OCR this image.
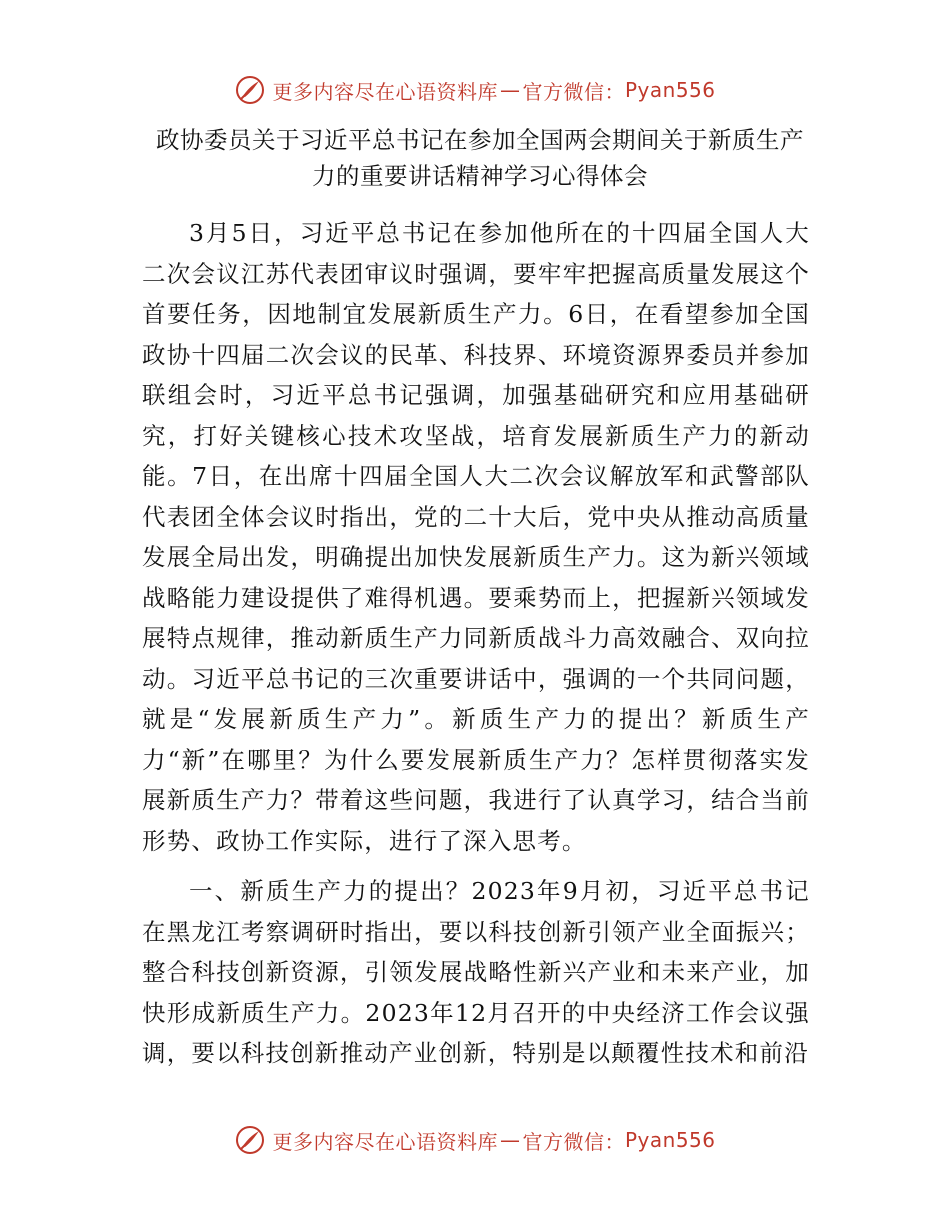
更多内容尽在心语资料库 — 官方微信： Pyan556
政协委员关于习近平总书记在参加全国两会期间关于新质生产
力的重要讲话精神学习心得体会

3月5日，习近平总书记在参加他所在的十四届全国人大二次会议江苏代表团审议时强调，要牢牢把握高质量发展这个首要任务，因地制宜发展新质生产力。6日，在看望参加全国政协十四届二次会议的民革、科技界、环境资源界委员并参加联组会时，习近平总书记强调，加强基础研究和应用基础研究，打好关键核心技术攻坚战，培育发展新质生产力的新动能。7日，在出席十四届全国人大二次会议解放军和武警部队代表团全体会议时指出，党的二十大后，党中央从推动高质量发展全局出发，明确提出加快发展新质生产力。这为新兴领域战略能力建设提供了难得机遇。要乘势而上，把握新兴领域发展特点规律，推动新质生产力同新质战斗力高效融合、双向拉动。习近平总书记的三次重要讲话中，强调的一个共同问题，就是“发展新质生产力”。新质生产力的提出？新质生产力“新”在哪里？为什么要发展新质生产力？怎样贯彻落实发展新质生产力？带着这些问题，我进行了认真学习，结合当前形势、政协工作实际，进行了深入思考。

一、新质生产力的提出？2023年9月初，习近平总书记在黑龙江考察调研时指出，要以科技创新引领产业全面振兴；整合科技创新资源，引领发展战略性新兴产业和未来产业，加快形成新质生产力。2023年12月召开的中央经济工作会议强调，要以科技创新推动产业创新，特别是以颠覆性技术和前沿

更多内容尽在心语资料库 — 官方微信： Pyan556
